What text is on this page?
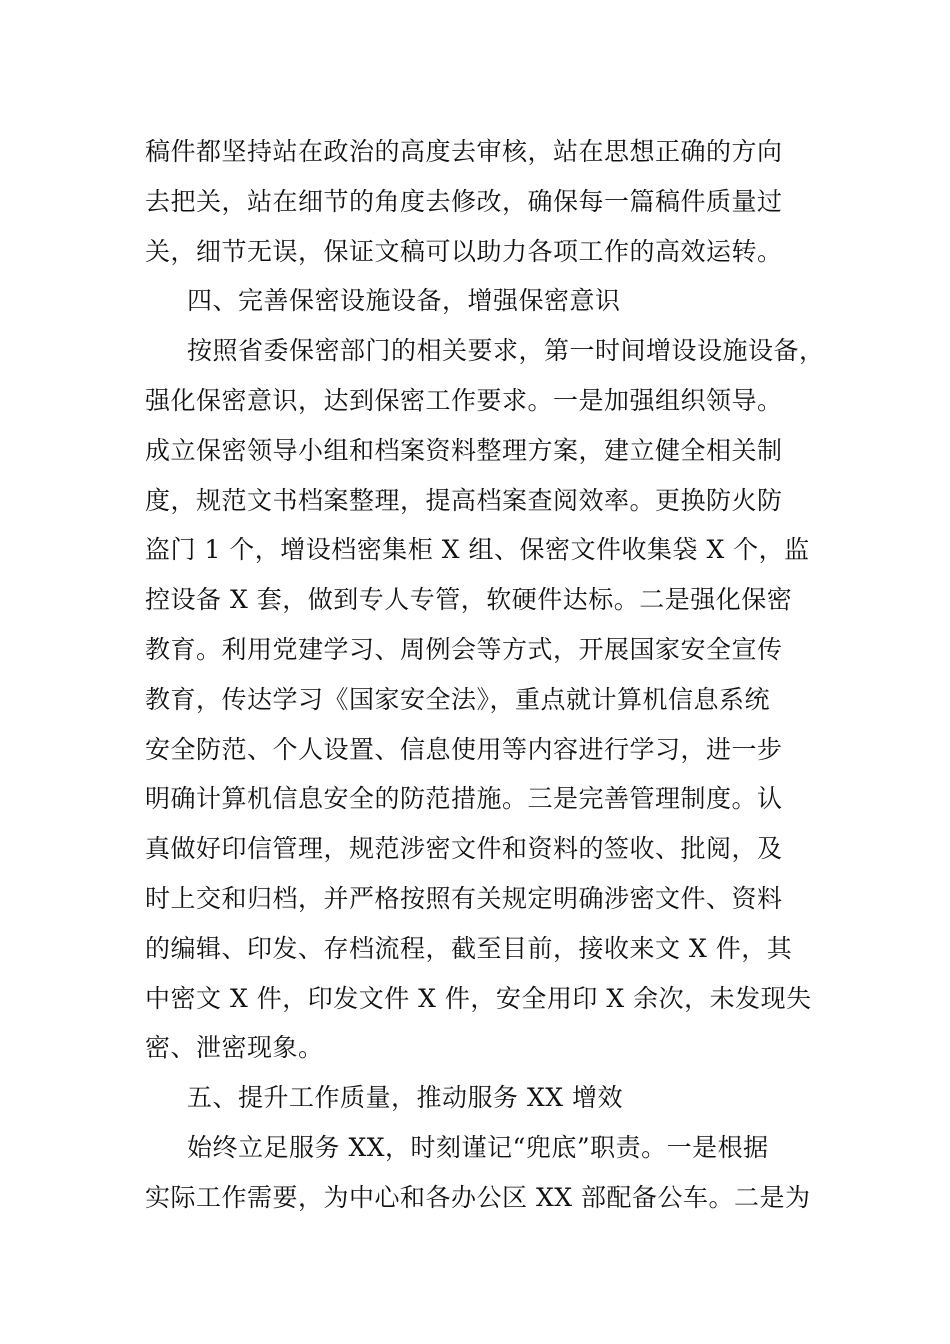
稿件都坚持站在政治的高度去审核，站在思想正确的方向
去把关，站在细节的角度去修改，确保每一篇稿件质量过
关，细节无误，保证文稿可以助力各项工作的高效运转。
四、完善保密设施设备，增强保密意识
按照省委保密部门的相关要求，第一时间增设设施设备，
强化保密意识，达到保密工作要求。一是加强组织领导。
成立保密领导小组和档案资料整理方案，建立健全相关制
度，规范文书档案整理，提高档案查阅效率。更换防火防
盗门 1 个，增设档密集柜 X 组、保密文件收集袋 X 个，监
控设备 X 套，做到专人专管，软硬件达标。二是强化保密
教育。利用党建学习、周例会等方式，开展国家安全宣传
教育，传达学习《国家安全法》，重点就计算机信息系统
安全防范、个人设置、信息使用等内容进行学习，进一步
明确计算机信息安全的防范措施。三是完善管理制度。认
真做好印信管理，规范涉密文件和资料的签收、批阅，及
时上交和归档，并严格按照有关规定明确涉密文件、资料
的编辑、印发、存档流程，截至目前，接收来文 X 件，其
中密文 X 件，印发文件 X 件，安全用印 X 余次，未发现失
密、泄密现象。
五、提升工作质量，推动服务 XX 增效
始终立足服务 XX，时刻谨记“兜底”职责。一是根据
实际工作需要，为中心和各办公区 XX 部配备公车。二是为
